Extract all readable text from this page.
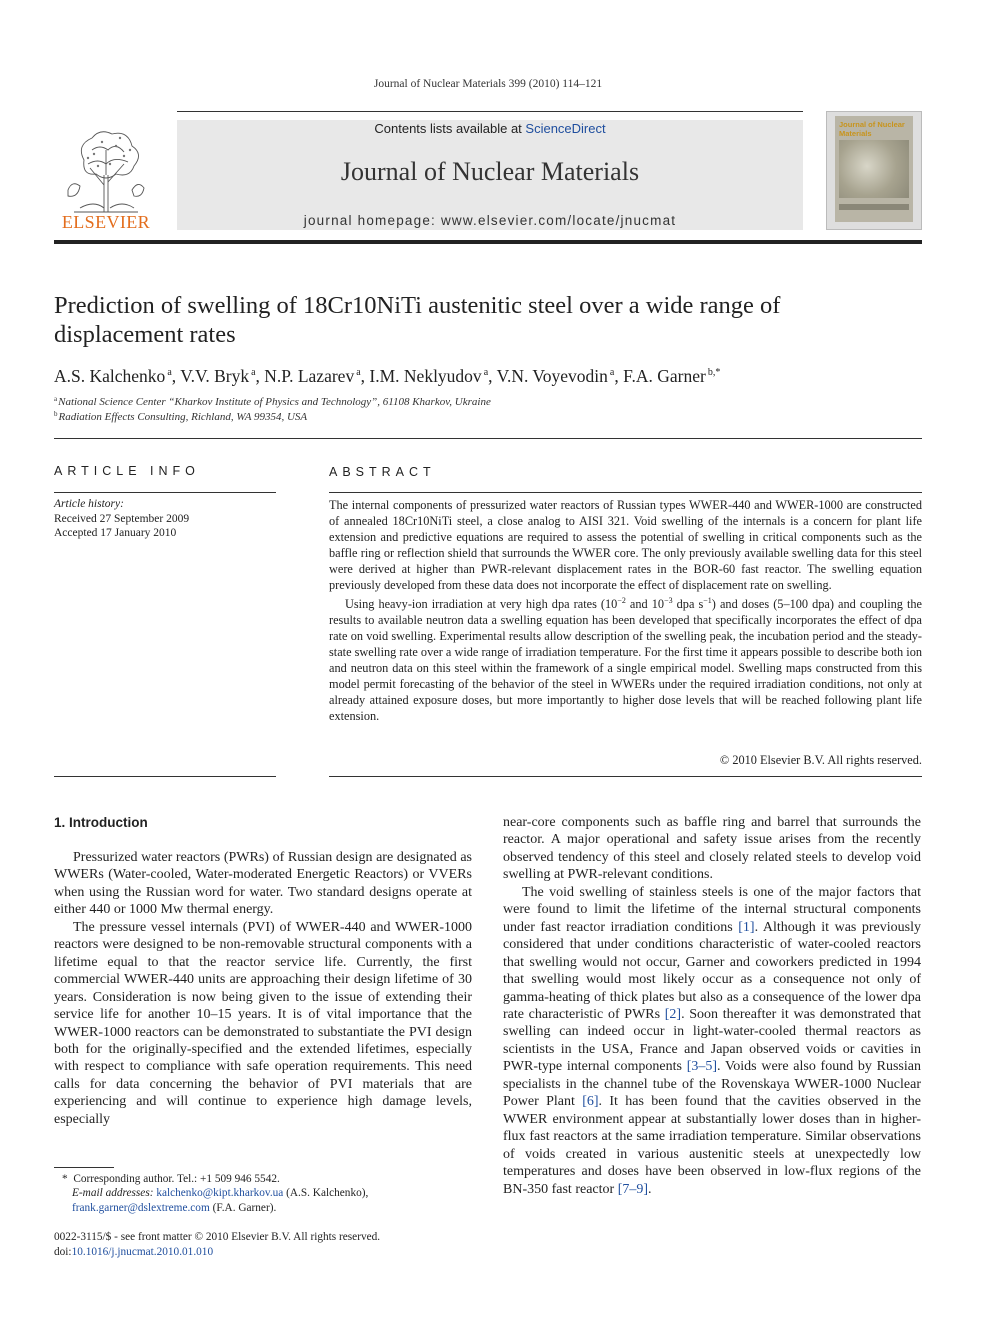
Journal of Nuclear Materials 399 (2010) 114–121
ELSEVIER
Contents lists available at ScienceDirect
Journal of Nuclear Materials
journal homepage: www.elsevier.com/locate/jnucmat
Journal of Nuclear Materials
Prediction of swelling of 18Cr10NiTi austenitic steel over a wide range of displacement rates
A.S. Kalchenko $^a$, V.V. Bryk $^a$, N.P. Lazarev $^a$, I.M. Neklyudov $^a$, V.N. Voyevodin $^a$, F.A. Garner $^{b,*}$
$^a$National Science Center “Kharkov Institute of Physics and Technology”, 61108 Kharkov, Ukraine
$^b$Radiation Effects Consulting, Richland, WA 99354, USA
ARTICLE INFO	ABSTRACT
Article history:
Received 27 September 2009
Accepted 17 January 2010

The internal components of pressurized water reactors of Russian types WWER-440 and WWER-1000 are constructed of annealed 18Cr10NiTi steel, a close analog to AISI 321. Void swelling of the internals is a concern for plant life extension and predictive equations are required to assess the potential of swelling in critical components such as the baffle ring or reflection shield that surrounds the WWER core. The only previously available swelling data for this steel were derived at higher than PWR-relevant displacement rates in the BOR-60 fast reactor. The swelling equation previously developed from these data does not incorporate the effect of displacement rate on swelling.

Using heavy-ion irradiation at very high dpa rates ($10^{-2}$ and $10^{-3}$ dpa $s^{-1}$) and doses (5–100 dpa) and coupling the results to available neutron data a swelling equation has been developed that specifically incorporates the effect of dpa rate on void swelling. Experimental results allow description of the swelling peak, the incubation period and the steady-state swelling rate over a wide range of irradiation temperature. For the first time it appears possible to describe both ion and neutron data on this steel within the framework of a single empirical model. Swelling maps constructed from this model permit forecasting of the behavior of the steel in WWERs under the required irradiation conditions, not only at already attained exposure doses, but more importantly to higher dose levels that will be reached following plant life extension.

© 2010 Elsevier B.V. All rights reserved.
1. Introduction

Pressurized water reactors (PWRs) of Russian design are designated as WWERs (Water-cooled, Water-moderated Energetic Reactors) or VVERs when using the Russian word for water. Two standard designs operate at either 440 or 1000 Mw thermal energy.

The pressure vessel internals (PVI) of WWER-440 and WWER-1000 reactors were designed to be non-removable structural components with a lifetime equal to that the reactor service life. Currently, the first commercial WWER-440 units are approaching their design lifetime of 30 years. Consideration is now being given to the issue of extending their service life for another 10–15 years. It is of vital importance that the WWER-1000 reactors can be demonstrated to substantiate the PVI design both for the originally-specified and the extended lifetimes, especially with respect to compliance with safe operation requirements. This need calls for data concerning the behavior of PVI materials that are experiencing and will continue to experience high damage levels, especially

near-core components such as baffle ring and barrel that surrounds the reactor. A major operational and safety issue arises from the recently observed tendency of this steel and closely related steels to develop void swelling at PWR-relevant conditions.

The void swelling of stainless steels is one of the major factors that were found to limit the lifetime of the internal structural components under fast reactor irradiation conditions [1]. Although it was previously considered that under conditions characteristic of water-cooled reactors that swelling would not occur, Garner and coworkers predicted in 1994 that swelling would most likely occur as a consequence not only of gamma-heating of thick plates but also as a consequence of the lower dpa rate characteristic of PWRs [2]. Soon thereafter it was demonstrated that swelling can indeed occur in light-water-cooled thermal reactors as scientists in the USA, France and Japan observed voids or cavities in PWR-type internal components [3–5]. Voids were also found by Russian specialists in the channel tube of the Rovenskaya WWER-1000 Nuclear Power Plant [6]. It has been found that the cavities observed in the WWER environment appear at substantially lower doses than in higher-flux fast reactors at the same irradiation temperature. Similar observations of voids created in various austenitic steels at unexpectedly low temperatures and doses have been observed in low-flux regions of the BN-350 fast reactor [7–9].

* Corresponding author. Tel.: +1 509 946 5542.
E-mail addresses: kalchenko@kipt.kharkov.ua (A.S. Kalchenko), frank.garner@dslextreme.com (F.A. Garner).
0022-3115/$ - see front matter © 2010 Elsevier B.V. All rights reserved.
doi:10.1016/j.jnucmat.2010.01.010
